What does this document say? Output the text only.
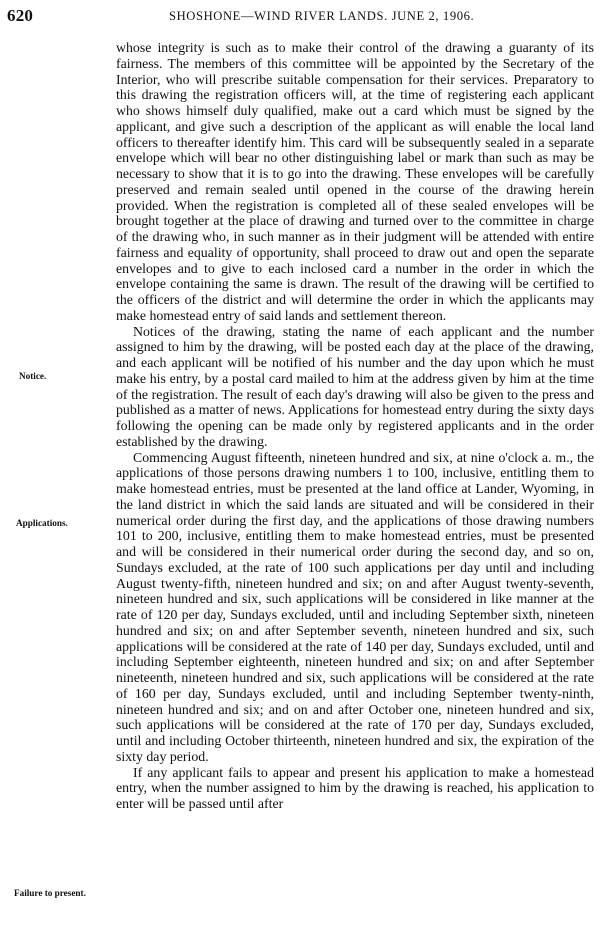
620	SHOSHONE—WIND RIVER LANDS. JUNE 2, 1906.
Notice.
Applications.
Failure to present.

whose integrity is such as to make their control of the drawing a guaranty of its fairness. The members of this committee will be appointed by the Secretary of the Interior, who will prescribe suitable compensation for their services. Preparatory to this drawing the registration officers will, at the time of registering each applicant who shows himself duly qualified, make out a card which must be signed by the applicant, and give such a description of the applicant as will enable the local land officers to thereafter identify him. This card will be subsequently sealed in a separate envelope which will bear no other distinguishing label or mark than such as may be necessary to show that it is to go into the drawing. These envelopes will be carefully preserved and remain sealed until opened in the course of the drawing herein provided. When the registration is completed all of these sealed envelopes will be brought together at the place of drawing and turned over to the committee in charge of the drawing who, in such manner as in their judgment will be attended with entire fairness and equality of opportunity, shall proceed to draw out and open the separate envelopes and to give to each inclosed card a number in the order in which the envelope containing the same is drawn. The result of the drawing will be certified to the officers of the district and will determine the order in which the applicants may make homestead entry of said lands and settlement thereon.

Notices of the drawing, stating the name of each applicant and the number assigned to him by the drawing, will be posted each day at the place of the drawing, and each applicant will be notified of his number and the day upon which he must make his entry, by a postal card mailed to him at the address given by him at the time of the registration. The result of each day's drawing will also be given to the press and published as a matter of news. Applications for homestead entry during the sixty days following the opening can be made only by registered applicants and in the order established by the drawing.

Commencing August fifteenth, nineteen hundred and six, at nine o'clock a. m., the applications of those persons drawing numbers 1 to 100, inclusive, entitling them to make homestead entries, must be presented at the land office at Lander, Wyoming, in the land district in which the said lands are situated and will be considered in their numerical order during the first day, and the applications of those drawing numbers 101 to 200, inclusive, entitling them to make homestead entries, must be presented and will be considered in their numerical order during the second day, and so on, Sundays excluded, at the rate of 100 such applications per day until and including August twenty-fifth, nineteen hundred and six; on and after August twenty-seventh, nineteen hundred and six, such applications will be considered in like manner at the rate of 120 per day, Sundays excluded, until and including September sixth, nineteen hundred and six; on and after September seventh, nineteen hundred and six, such applications will be considered at the rate of 140 per day, Sundays excluded, until and including September eighteenth, nineteen hundred and six; on and after September nineteenth, nineteen hundred and six, such applications will be considered at the rate of 160 per day, Sundays excluded, until and including September twenty-ninth, nineteen hundred and six; and on and after October one, nineteen hundred and six, such applications will be considered at the rate of 170 per day, Sundays excluded, until and including October thirteenth, nineteen hundred and six, the expiration of the sixty day period.

If any applicant fails to appear and present his application to make a homestead entry, when the number assigned to him by the drawing is reached, his application to enter will be passed until after
